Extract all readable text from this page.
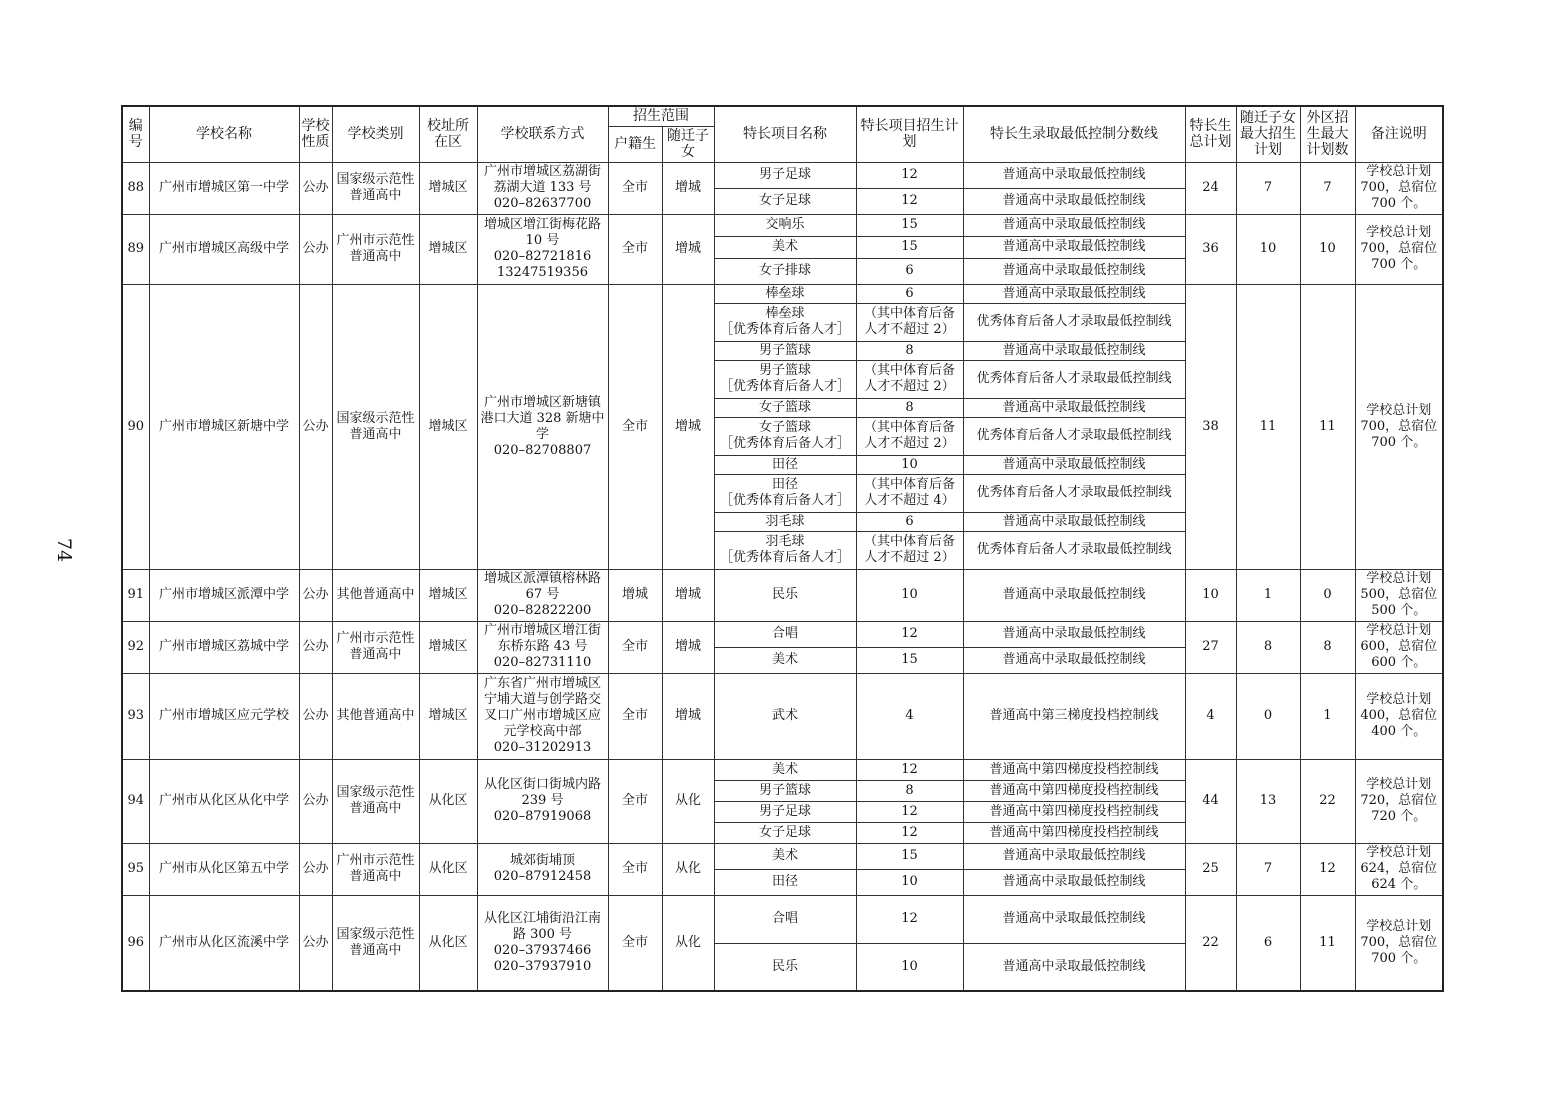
74
编号	学校名称	学校性质	学校类别	校址所在区	学校联系方式	招生范围		特长项目名称	特长项目招生计划	特长生录取最低控制分数线	特长生总计划	随迁子女最大招生计划	外区招生最大计划数	备注说明
						户籍生	随迁子女							
88	广州市增城区第一中学	公办	国家级示范性
普通高中	增城区	广州市增城区荔湖街
荔湖大道 133 号
020–82637700	全市	增城	男子足球	12	普通高中录取最低控制线	24	7	7	学校总计划
700，总宿位
700 个。

								女子足球	12	普通高中录取最低控制线				
89	广州市增城区高级中学	公办	广州市示范性
普通高中	增城区	增城区增江街梅花路
10 号
020–82721816
13247519356	全市	增城	交响乐	15	普通高中录取最低控制线	36	10	10	学校总计划
700，总宿位
700 个。

								美术	15	普通高中录取最低控制线				

								女子排球	6	普通高中录取最低控制线				
90	广州市增城区新塘中学	公办	国家级示范性
普通高中	增城区	广州市增城区新塘镇
港口大道 328 新塘中
学
020–82708807	全市	增城	棒垒球	6	普通高中录取最低控制线	38	11	11	学校总计划
700，总宿位
700 个。

								棒垒球
［优秀体育后备人才］	（其中体育后备
人才不超过 2）	优秀体育后备人才录取最低控制线				

								男子篮球	8	普通高中录取最低控制线				

								男子篮球
［优秀体育后备人才］	（其中体育后备
人才不超过 2）	优秀体育后备人才录取最低控制线				

								女子篮球	8	普通高中录取最低控制线				

								女子篮球
［优秀体育后备人才］	（其中体育后备
人才不超过 2）	优秀体育后备人才录取最低控制线				

								田径	10	普通高中录取最低控制线				

								田径
［优秀体育后备人才］	（其中体育后备
人才不超过 4）	优秀体育后备人才录取最低控制线				

								羽毛球	6	普通高中录取最低控制线				

								羽毛球
［优秀体育后备人才］	（其中体育后备
人才不超过 2）	优秀体育后备人才录取最低控制线				
91	广州市增城区派潭中学	公办	其他普通高中	增城区	增城区派潭镇榕林路
67 号
020–82822200	增城	增城	民乐	10	普通高中录取最低控制线	10	1	0	学校总计划
500，总宿位
500 个。

92	广州市增城区荔城中学	公办	广州市示范性
普通高中	增城区	广州市增城区增江街
东桥东路 43 号
020–82731110	全市	增城	合唱	12	普通高中录取最低控制线	27	8	8	学校总计划
600，总宿位
600 个。

								美术	15	普通高中录取最低控制线				
93	广州市增城区应元学校	公办	其他普通高中	增城区	广东省广州市增城区
宁埔大道与创学路交
叉口广州市增城区应
元学校高中部
020–31202913	全市	增城	武术	4	普通高中第三梯度投档控制线	4	0	1	学校总计划
400，总宿位
400 个。

94	广州市从化区从化中学	公办	国家级示范性
普通高中	从化区	从化区街口街城内路
239 号
020–87919068	全市	从化	美术	12	普通高中第四梯度投档控制线	44	13	22	学校总计划
720，总宿位
720 个。

								男子篮球	8	普通高中第四梯度投档控制线				

								男子足球	12	普通高中第四梯度投档控制线				

								女子足球	12	普通高中第四梯度投档控制线				
95	广州市从化区第五中学	公办	广州市示范性
普通高中	从化区	城郊街埔顶
020–87912458	全市	从化	美术	15	普通高中录取最低控制线	25	7	12	学校总计划
624，总宿位
624 个。

								田径	10	普通高中录取最低控制线				
96	广州市从化区流溪中学	公办	国家级示范性
普通高中	从化区	从化区江埔街沿江南
路 300 号
020–37937466
020–37937910	全市	从化	合唱	12	普通高中录取最低控制线	22	6	11	学校总计划
700，总宿位
700 个。

								民乐	10	普通高中录取最低控制线				
